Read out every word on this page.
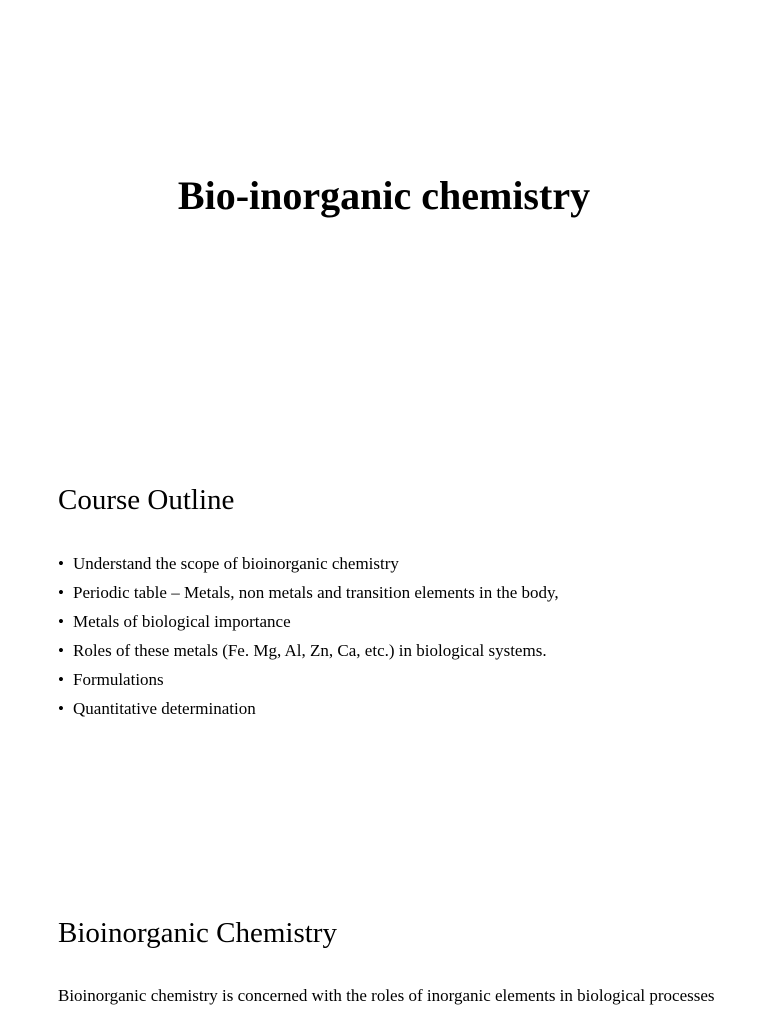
Bio-inorganic chemistry
Course Outline
• Understand the scope of bioinorganic chemistry
• Periodic table – Metals, non metals and transition elements in the body,
• Metals of biological importance
• Roles of these metals (Fe. Mg, Al, Zn, Ca, etc.) in biological systems.
• Formulations
• Quantitative determination
Bioinorganic Chemistry

Bioinorganic chemistry is concerned with the roles of inorganic elements in biological processes
